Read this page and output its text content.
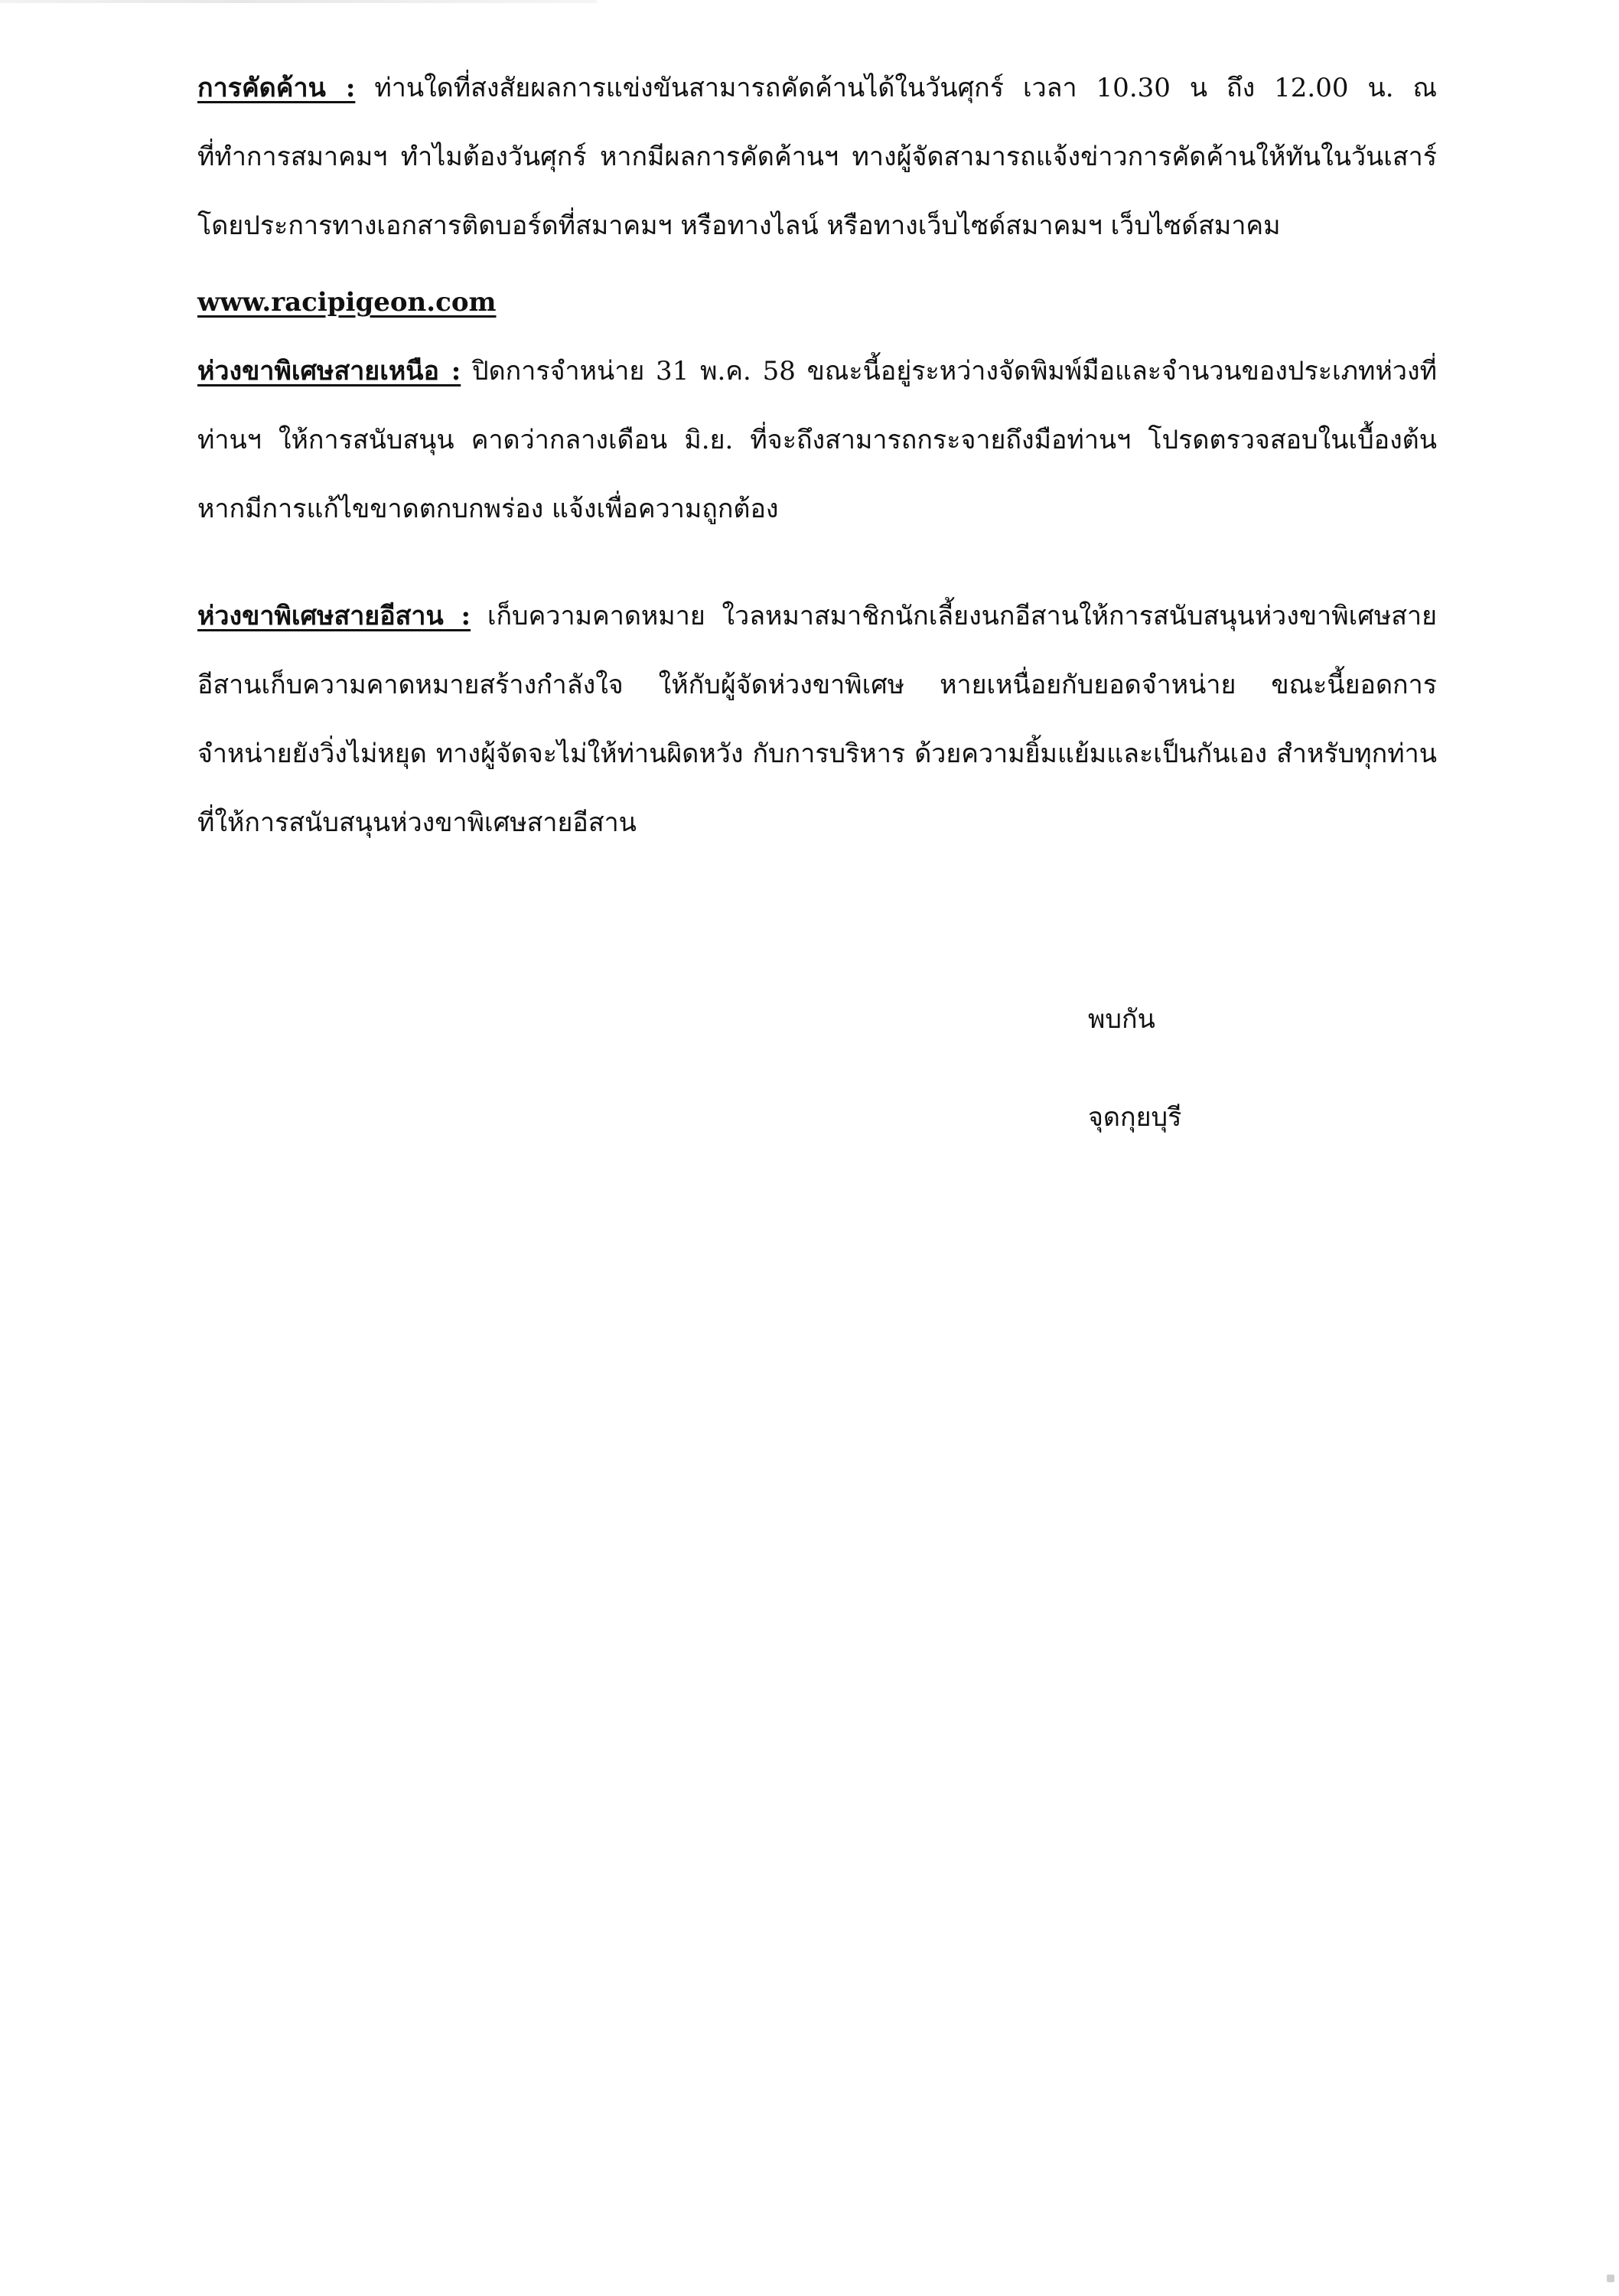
การคัดค้าน : ท่านใดที่สงสัยผลการแข่งขันสามารถคัดค้านได้ในวันศุกร์ เวลา 10.30 น ถึง 12.00 น. ณ ที่ทำการสมาคมฯ ทำไมต้องวันศุกร์ หากมีผลการคัดค้านฯ ทางผู้จัดสามารถแจ้งข่าวการคัดค้านให้ทันในวันเสาร์ โดยประการทางเอกสารติดบอร์ดที่สมาคมฯ หรือทางไลน์ หรือทางเว็บไซด์สมาคมฯ เว็บไซด์สมาคม

www.racipigeon.com

ห่วงขาพิเศษสายเหนือ : ปิดการจำหน่าย 31 พ.ค. 58 ขณะนี้อยู่ระหว่างจัดพิมพ์มือและจำนวนของประเภทห่วงที่ท่านฯ ให้การสนับสนุน คาดว่ากลางเดือน มิ.ย. ที่จะถึงสามารถกระจายถึงมือท่านฯ โปรดตรวจสอบในเบื้องต้น หากมีการแก้ไขขาดตกบกพร่อง แจ้งเพื่อความถูกต้อง

ห่วงขาพิเศษสายอีสาน : เก็บความคาดหมาย ใวลหมาสมาชิกนักเลี้ยงนกอีสานให้การสนับสนุนห่วงขาพิเศษสายอีสานเก็บความคาดหมายสร้างกำลังใจ ให้กับผู้จัดห่วงขาพิเศษ หายเหนื่อยกับยอดจำหน่าย ขณะนี้ยอดการจำหน่ายยังวิ่งไม่หยุด ทางผู้จัดจะไม่ให้ท่านผิดหวัง กับการบริหาร ด้วยความยิ้มแย้มและเป็นกันเอง สำหรับทุกท่านที่ให้การสนับสนุนห่วงขาพิเศษสายอีสาน

พบกัน
จุดกุยบุรี
